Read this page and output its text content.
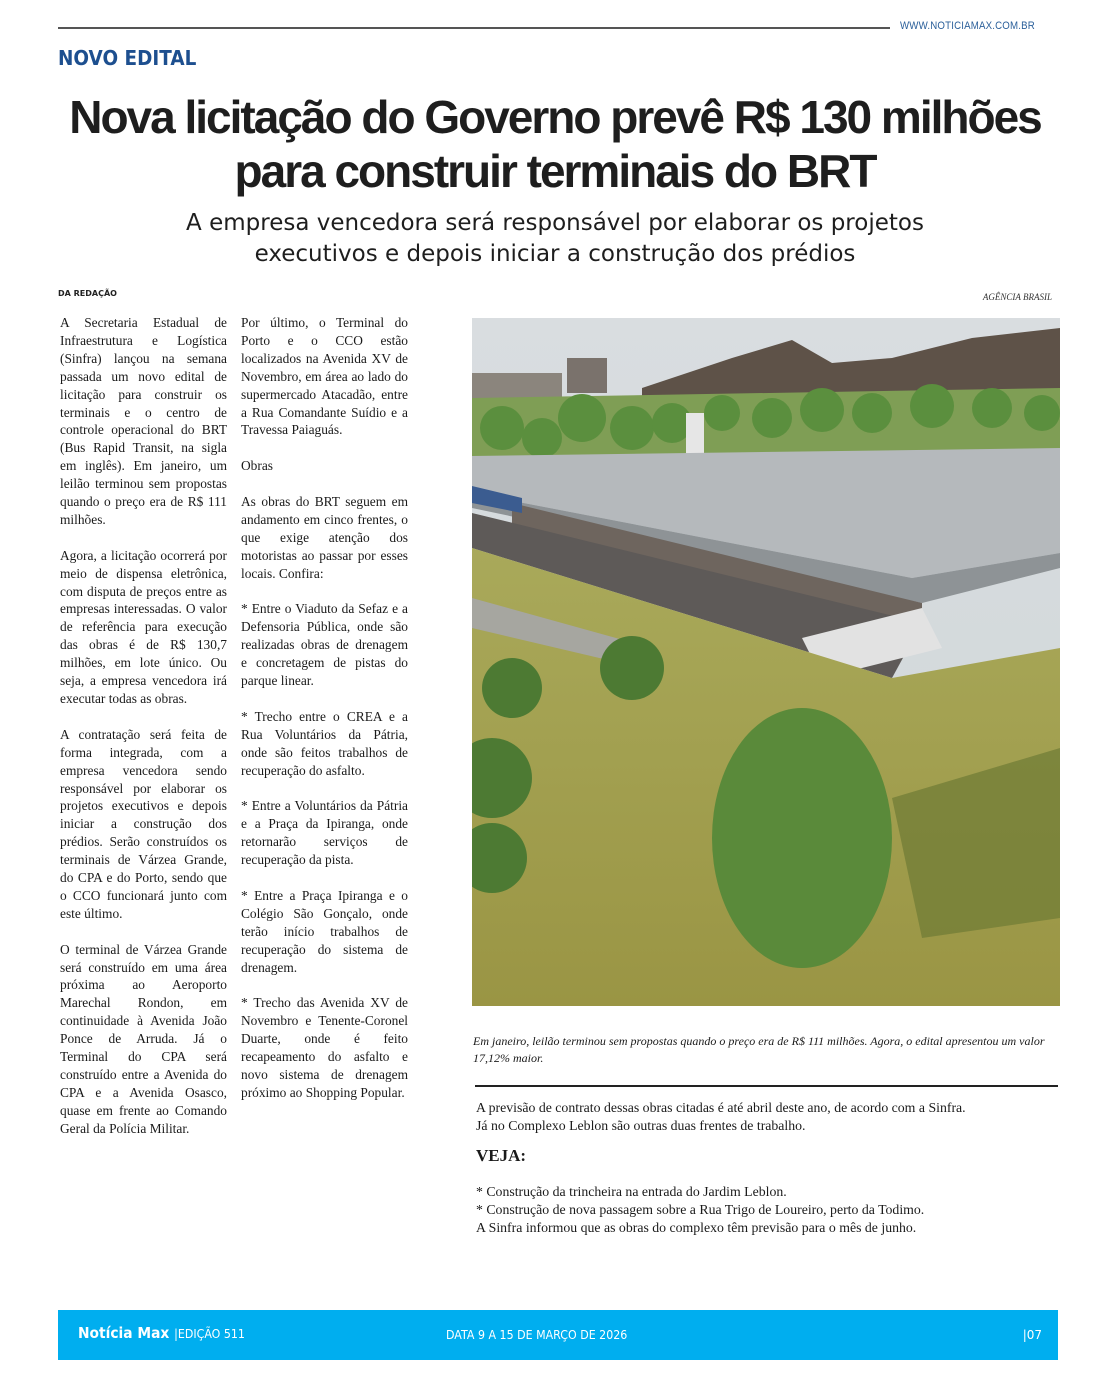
WWW.NOTICIAMAX.COM.BR
NOVO EDITAL
Nova licitação do Governo prevê R$ 130 milhões
para construir terminais do BRT
A empresa vencedora será responsável por elaborar os projetos
executivos e depois iniciar a construção dos prédios
DA REDAÇÃO	AGÊNCIA BRASIL

A Secretaria Estadual de Infraestrutura e Logística (Sinfra) lançou na semana passada um novo edital de licitação para construir os terminais e o centro de controle operacional do BRT (Bus Rapid Transit, na sigla em inglês). Em janeiro, um leilão terminou sem propostas quando o preço era de R$ 111 milhões.

Agora, a licitação ocorrerá por meio de dispensa eletrônica, com disputa de preços entre as empresas interessadas. O valor de referência para execução das obras é de R$ 130,7 milhões, em lote único. Ou seja, a empresa vencedora irá executar todas as obras.

A contratação será feita de forma integrada, com a empresa vencedora sendo responsável por elaborar os projetos executivos e depois iniciar a construção dos prédios. Serão construídos os terminais de Várzea Grande, do CPA e do Porto, sendo que o CCO funcionará junto com este último.

O terminal de Várzea Grande será construído em uma área próxima ao Aeroporto Marechal Rondon, em continuidade à Avenida João Ponce de Arruda. Já o Terminal do CPA será construído entre a Avenida do CPA e a Avenida Osasco, quase em frente ao Comando Geral da Polícia Militar.

Por último, o Terminal do Porto e o CCO estão localizados na Avenida XV de Novembro, em área ao lado do supermercado Atacadão, entre a Rua Comandante Suídio e a Travessa Paiaguás.

Obras

As obras do BRT seguem em andamento em cinco frentes, o que exige atenção dos motoristas ao passar por esses locais. Confira:

* Entre o Viaduto da Sefaz e a Defensoria Pública, onde são realizadas obras de drenagem e concretagem de pistas do parque linear.

* Trecho entre o CREA e a Rua Voluntários da Pátria, onde são feitos trabalhos de recuperação do asfalto.

* Entre a Voluntários da Pátria e a Praça da Ipiranga, onde retornarão serviços de recuperação da pista.

* Entre a Praça Ipiranga e o Colégio São Gonçalo, onde terão início trabalhos de recuperação do sistema de drenagem.

* Trecho das Avenida XV de Novembro e Tenente-Coronel Duarte, onde é feito recapeamento do asfalto e novo sistema de drenagem próximo ao Shopping Popular.

Em janeiro, leilão terminou sem propostas quando o preço era de R$ 111 milhões. Agora, o edital apresentou um valor 17,12% maior.

A previsão de contrato dessas obras citadas é até abril deste ano, de acordo com a Sinfra.

Já no Complexo Leblon são outras duas frentes de trabalho.

VEJA:

* Construção da trincheira na entrada do Jardim Leblon.

* Construção de nova passagem sobre a Rua Trigo de Loureiro, perto da Todimo.

A Sinfra informou que as obras do complexo têm previsão para o mês de junho.

Notícia Max |EDIÇÃO 511	DATA 9 A 15 DE MARÇO DE 2026	|07
